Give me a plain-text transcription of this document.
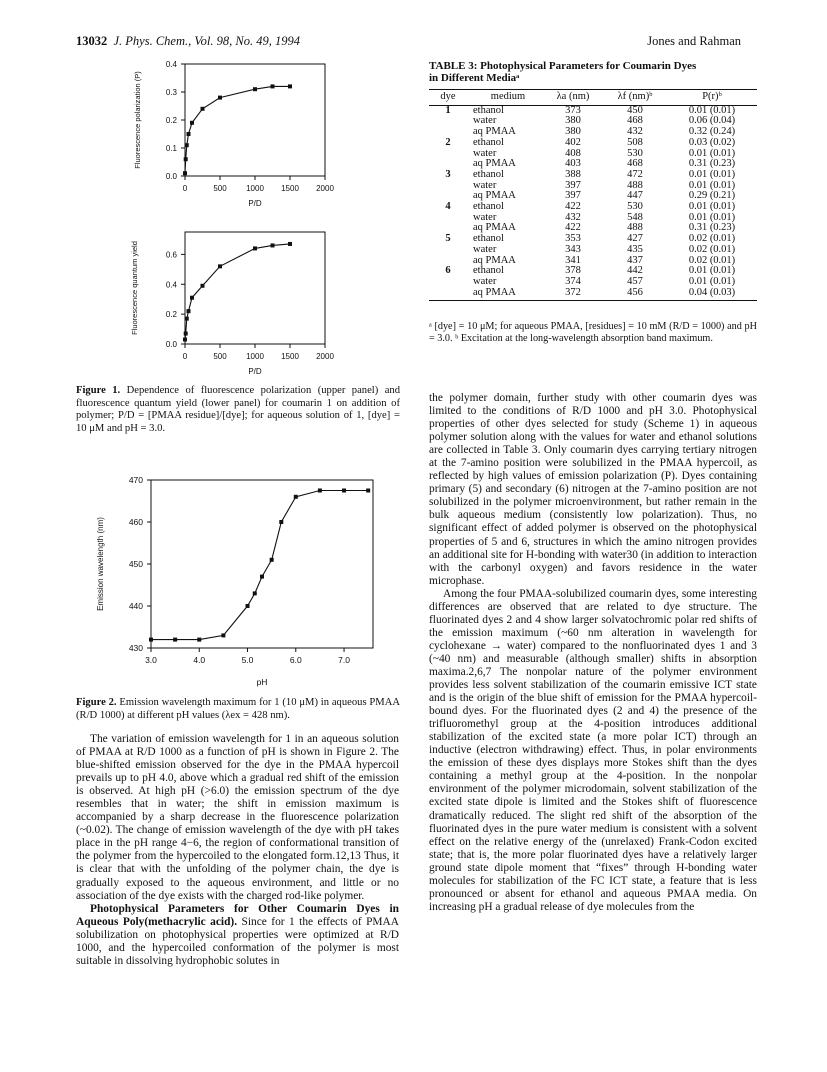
13032 J. Phys. Chem., Vol. 98, No. 49, 1994	Jones and Rahman
0	500 1000 1500 2000
0.0
0.1
0.2
0.3
0.4
P/D
Fluorescence polarization (P)
0	500 1000 1500 2000
0.0
0.2
0.4
0.6
P/D
Fluorescence quantum yield
Figure 1. Dependence of fluorescence polarization (upper panel) and fluorescence quantum yield (lower panel) for coumarin 1 on addition of polymer; P/D = [PMAA residue]/[dye]; for aqueous solution of 1, [dye] = 10 μM and pH = 3.0.
3.0	4.0	5.0	6.0	7.0
430
440
450
460
470
pH
Emission wavelength (nm)
Figure 2. Emission wavelength maximum for 1 (10 μM) in aqueous PMAA (R/D 1000) at different pH values (λex = 428 nm).

The variation of emission wavelength for 1 in an aqueous solution of PMAA at R/D 1000 as a function of pH is shown in Figure 2. The blue-shifted emission observed for the dye in the PMAA hypercoil prevails up to pH 4.0, above which a gradual red shift of the emission is observed. At high pH (>6.0) the emission spectrum of the dye resembles that in water; the shift in emission maximum is accompanied by a sharp decrease in the fluorescence polarization (~0.02). The change of emission wavelength of the dye with pH takes place in the pH range 4−6, the region of conformational transition of the polymer from the hypercoiled to the elongated form.12,13 Thus, it is clear that with the unfolding of the polymer chain, the dye is gradually exposed to the aqueous environment, and little or no association of the dye exists with the charged rod-like polymer.

Photophysical Parameters for Other Coumarin Dyes in Aqueous Poly(methacrylic acid). Since for 1 the effects of PMAA solubilization on photophysical properties were optimized at R/D 1000, and the hypercoiled conformation of the polymer is most suitable in dissolving hydrophobic solutes in

TABLE 3: Photophysical Parameters for Coumarin Dyes
in Different Mediaᵃ
dye	medium	λa (nm)	λf (nm)ᵇ	P(r)ᵇ
1	ethanol	373	450	0.01 (0.01)
	water	380	468	0.06 (0.04)
	aq PMAA	380	432	0.32 (0.24)
2	ethanol	402	508	0.03 (0.02)
	water	408	530	0.01 (0.01)
	aq PMAA	403	468	0.31 (0.23)
3	ethanol	388	472	0.01 (0.01)
	water	397	488	0.01 (0.01)
	aq PMAA	397	447	0.29 (0.21)
4	ethanol	422	530	0.01 (0.01)
	water	432	548	0.01 (0.01)
	aq PMAA	422	488	0.31 (0.23)
5	ethanol	353	427	0.02 (0.01)
	water	343	435	0.02 (0.01)
	aq PMAA	341	437	0.02 (0.01)
6	ethanol	378	442	0.01 (0.01)
	water	374	457	0.01 (0.01)
	aq PMAA	372	456	0.04 (0.03)
ᵃ [dye] = 10 μM; for aqueous PMAA, [residues] = 10 mM (R/D = 1000) and pH = 3.0. ᵇ Excitation at the long-wavelength absorption band maximum.

the polymer domain, further study with other coumarin dyes was limited to the conditions of R/D 1000 and pH 3.0. Photophysical properties of other dyes selected for study (Scheme 1) in aqueous polymer solution along with the values for water and ethanol solutions are collected in Table 3. Only coumarin dyes carrying tertiary nitrogen at the 7-amino position were solubilized in the PMAA hypercoil, as reflected by high values of emission polarization (P). Dyes containing primary (5) and secondary (6) nitrogen at the 7-amino position are not solubilized in the polymer microenvironment, but rather remain in the bulk aqueous medium (consistently low polarization). Thus, no significant effect of added polymer is observed on the photophysical properties of 5 and 6, structures in which the amino nitrogen provides an additional site for H-bonding with water30 (in addition to interaction with the carbonyl oxygen) and favors residence in the water microphase.

Among the four PMAA-solubilized coumarin dyes, some interesting differences are observed that are related to dye structure. The fluorinated dyes 2 and 4 show larger solvatochromic polar red shifts of the emission maximum (~60 nm alteration in wavelength for cyclohexane → water) compared to the nonfluorinated dyes 1 and 3 (~40 nm) and measurable (although smaller) shifts in absorption maxima.2,6,7 The nonpolar nature of the polymer environment provides less solvent stabilization of the coumarin emissive ICT state and is the origin of the blue shift of emission for the PMAA hypercoil-bound dyes. For the fluorinated dyes (2 and 4) the presence of the trifluoromethyl group at the 4-position introduces additional stabilization of the excited state (a more polar ICT) through an inductive (electron withdrawing) effect. Thus, in polar environments the emission of these dyes displays more Stokes shift than the dyes containing a methyl group at the 4-position. In the nonpolar environment of the polymer microdomain, solvent stabilization of the excited state dipole is limited and the Stokes shift of fluorescence dramatically reduced. The slight red shift of the absorption of the fluorinated dyes in the pure water medium is consistent with a solvent effect on the relative energy of the (unrelaxed) Frank-Codon excited state; that is, the more polar fluorinated dyes have a relatively larger ground state dipole moment that “fixes” through H-bonding water molecules for stabilization of the FC ICT state, a feature that is less pronounced or absent for ethanol and aqueous PMAA media. On increasing pH a gradual release of dye molecules from the
